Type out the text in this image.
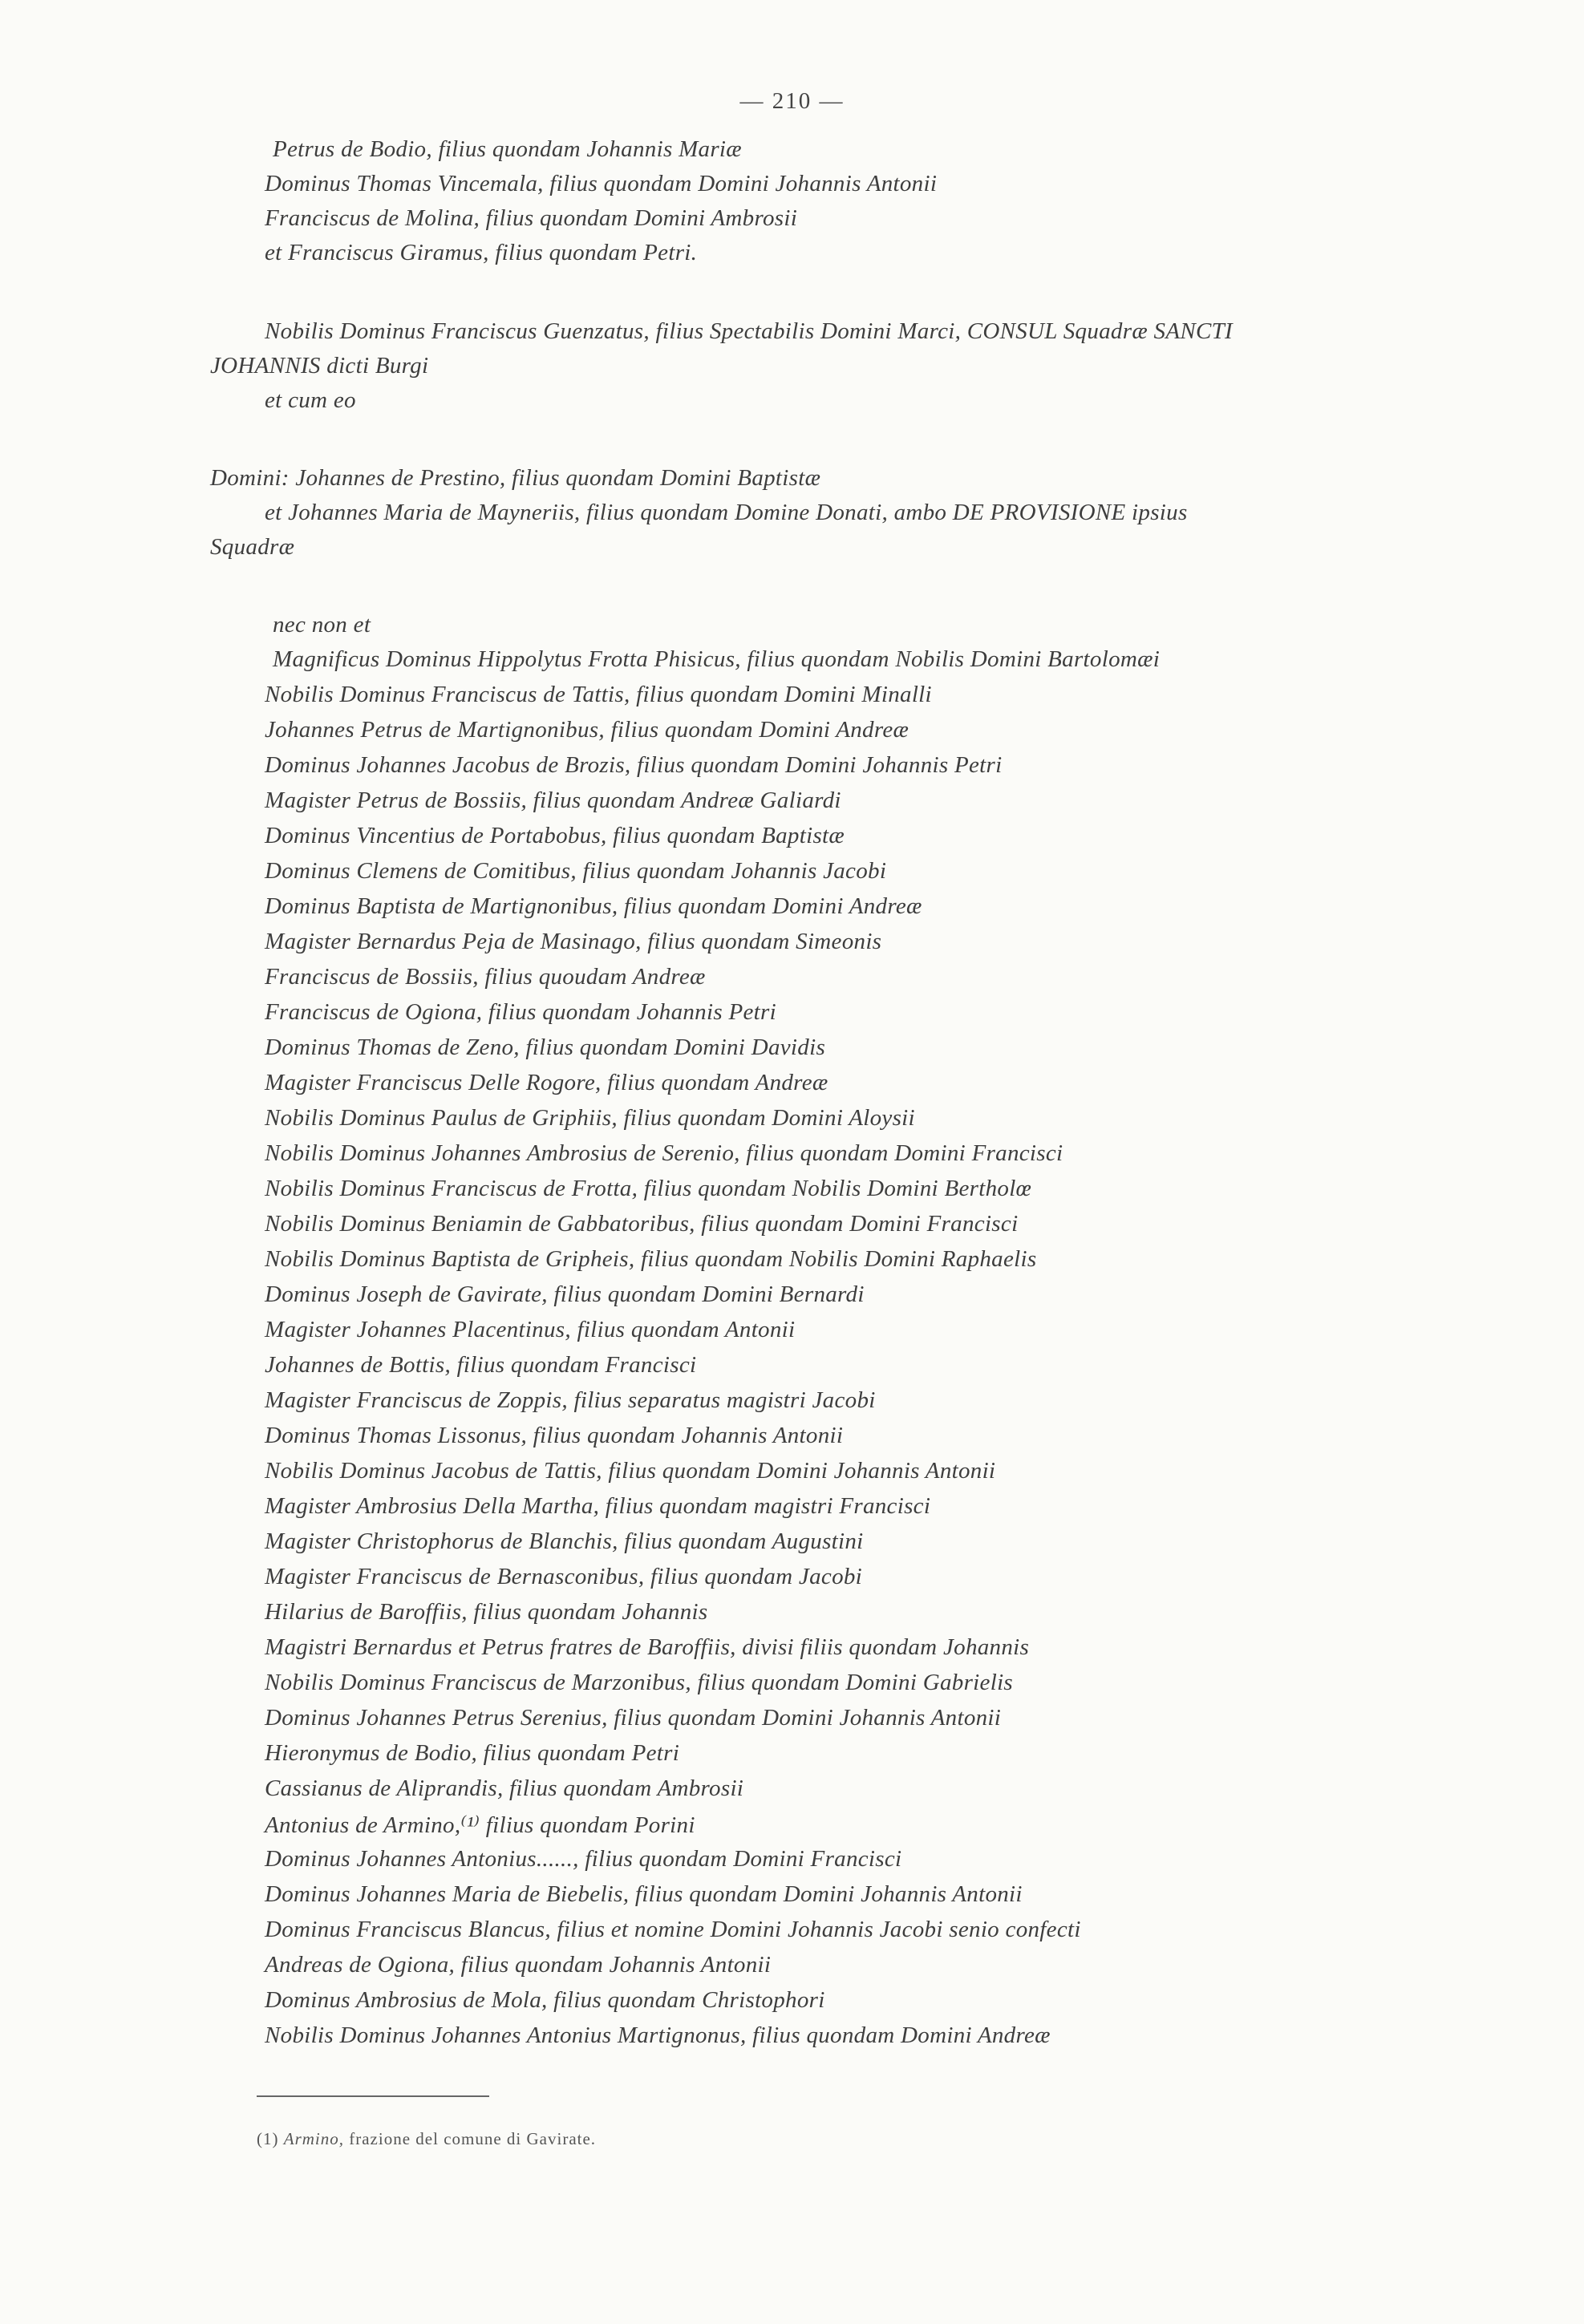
— 210 —
Petrus de Bodio, filius quondam Johannis Mariæ
Dominus Thomas Vincemala, filius quondam Domini Johannis Antonii
Franciscus de Molina, filius quondam Domini Ambrosii
et Franciscus Giramus, filius quondam Petri.
Nobilis Dominus Franciscus Guenzatus, filius Spectabilis Domini Marci, CONSUL Squadræ SANCTI
JOHANNIS dicti Burgi
et cum eo
Domini: Johannes de Prestino, filius quondam Domini Baptistæ
et Johannes Maria de Mayneriis, filius quondam Domine Donati, ambo DE PROVISIONE ipsius
Squadræ
nec non et
Magnificus Dominus Hippolytus Frotta Phisicus, filius quondam Nobilis Domini Bartolomæi
Nobilis Dominus Franciscus de Tattis, filius quondam Domini Minalli
Johannes Petrus de Martignonibus, filius quondam Domini Andreæ
Dominus Johannes Jacobus de Brozis, filius quondam Domini Johannis Petri
Magister Petrus de Bossiis, filius quondam Andreæ Galiardi
Dominus Vincentius de Portabobus, filius quondam Baptistæ
Dominus Clemens de Comitibus, filius quondam Johannis Jacobi
Dominus Baptista de Martignonibus, filius quondam Domini Andreæ
Magister Bernardus Peja de Masinago, filius quondam Simeonis
Franciscus de Bossiis, filius quoudam Andreæ
Franciscus de Ogiona, filius quondam Johannis Petri
Dominus Thomas de Zeno, filius quondam Domini Davidis
Magister Franciscus Delle Rogore, filius quondam Andreæ
Nobilis Dominus Paulus de Griphiis, filius quondam Domini Aloysii
Nobilis Dominus Johannes Ambrosius de Serenio, filius quondam Domini Francisci
Nobilis Dominus Franciscus de Frotta, filius quondam Nobilis Domini Bertholœ
Nobilis Dominus Beniamin de Gabbatoribus, filius quondam Domini Francisci
Nobilis Dominus Baptista de Gripheis, filius quondam Nobilis Domini Raphaelis
Dominus Joseph de Gavirate, filius quondam Domini Bernardi
Magister Johannes Placentinus, filius quondam Antonii
Johannes de Bottis, filius quondam Francisci
Magister Franciscus de Zoppis, filius separatus magistri Jacobi
Dominus Thomas Lissonus, filius quondam Johannis Antonii
Nobilis Dominus Jacobus de Tattis, filius quondam Domini Johannis Antonii
Magister Ambrosius Della Martha, filius quondam magistri Francisci
Magister Christophorus de Blanchis, filius quondam Augustini
Magister Franciscus de Bernasconibus, filius quondam Jacobi
Hilarius de Baroffiis, filius quondam Johannis
Magistri Bernardus et Petrus fratres de Baroffiis, divisi filiis quondam Johannis
Nobilis Dominus Franciscus de Marzonibus, filius quondam Domini Gabrielis
Dominus Johannes Petrus Serenius, filius quondam Domini Johannis Antonii
Hieronymus de Bodio, filius quondam Petri
Cassianus de Aliprandis, filius quondam Ambrosii
Antonius de Armino,⁽¹⁾ filius quondam Porini
Dominus Johannes Antonius......, filius quondam Domini Francisci
Dominus Johannes Maria de Biebelis, filius quondam Domini Johannis Antonii
Dominus Franciscus Blancus, filius et nomine Domini Johannis Jacobi senio confecti
Andreas de Ogiona, filius quondam Johannis Antonii
Dominus Ambrosius de Mola, filius quondam Christophori
Nobilis Dominus Johannes Antonius Martignonus, filius quondam Domini Andreæ
(1) Armino, frazione del comune di Gavirate.
